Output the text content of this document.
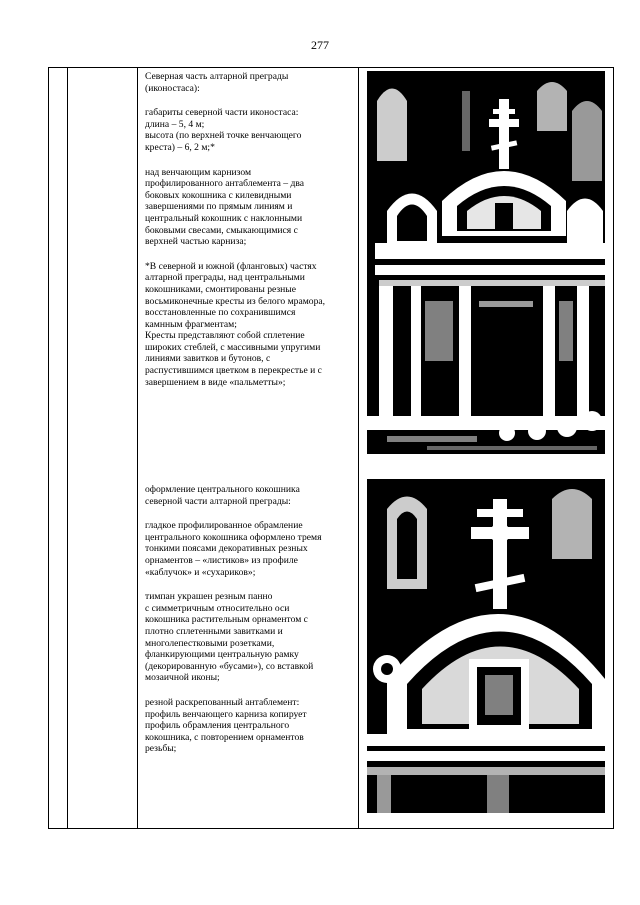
277

Северная часть алтарной преграды
(иконостаса):

габариты северной части иконостаса:
длина – 5, 4 м;
высота (по верхней точке венчающего
креста) – 6, 2 м;*

над венчающим карнизом
профилированного антаблемента – два
боковых кокошника с килевидными
завершениями по прямым линиям и
центральный кокошник с наклонными
боковыми свесами, смыкающимися с
верхней частью карниза;

*В северной и южной (фланговых) частях
алтарной преграды, над центральными
кокошниками, смонтированы резные
восьмиконечные кресты из белого мрамора,
восстановленные по сохранившимся
камнным фрагментам;
Кресты представляют собой сплетение
широкиx стеблей, с массивными упругими
линиями завитков и бутонов, с
распустившимся цветком в перекрестье и с
завершением в виде «пальметты»;

оформление центрального кокошника
северной части алтарной преграды:

гладкое профилированное обрамление
центрального кокошника оформлено тремя
тонкими поясами декоративных резных
орнаментов – «листиков» из профиле
«каблучок» и «сухариков»;

тимпан украшен резным панно
с симметричным относительно оси
кокошника растительным орнаментом с
плотно сплетенными завитками и
многолепестковыми розетками,
фланкирующими центральную рамку
(декорированную «бусами»), со вставкой
мозаичной иконы;

резной раскрепованный антаблемент:
профиль венчающего карниза копирует
профиль обрамления центрального
кокошника, с повторением орнаментов
резьбы;
